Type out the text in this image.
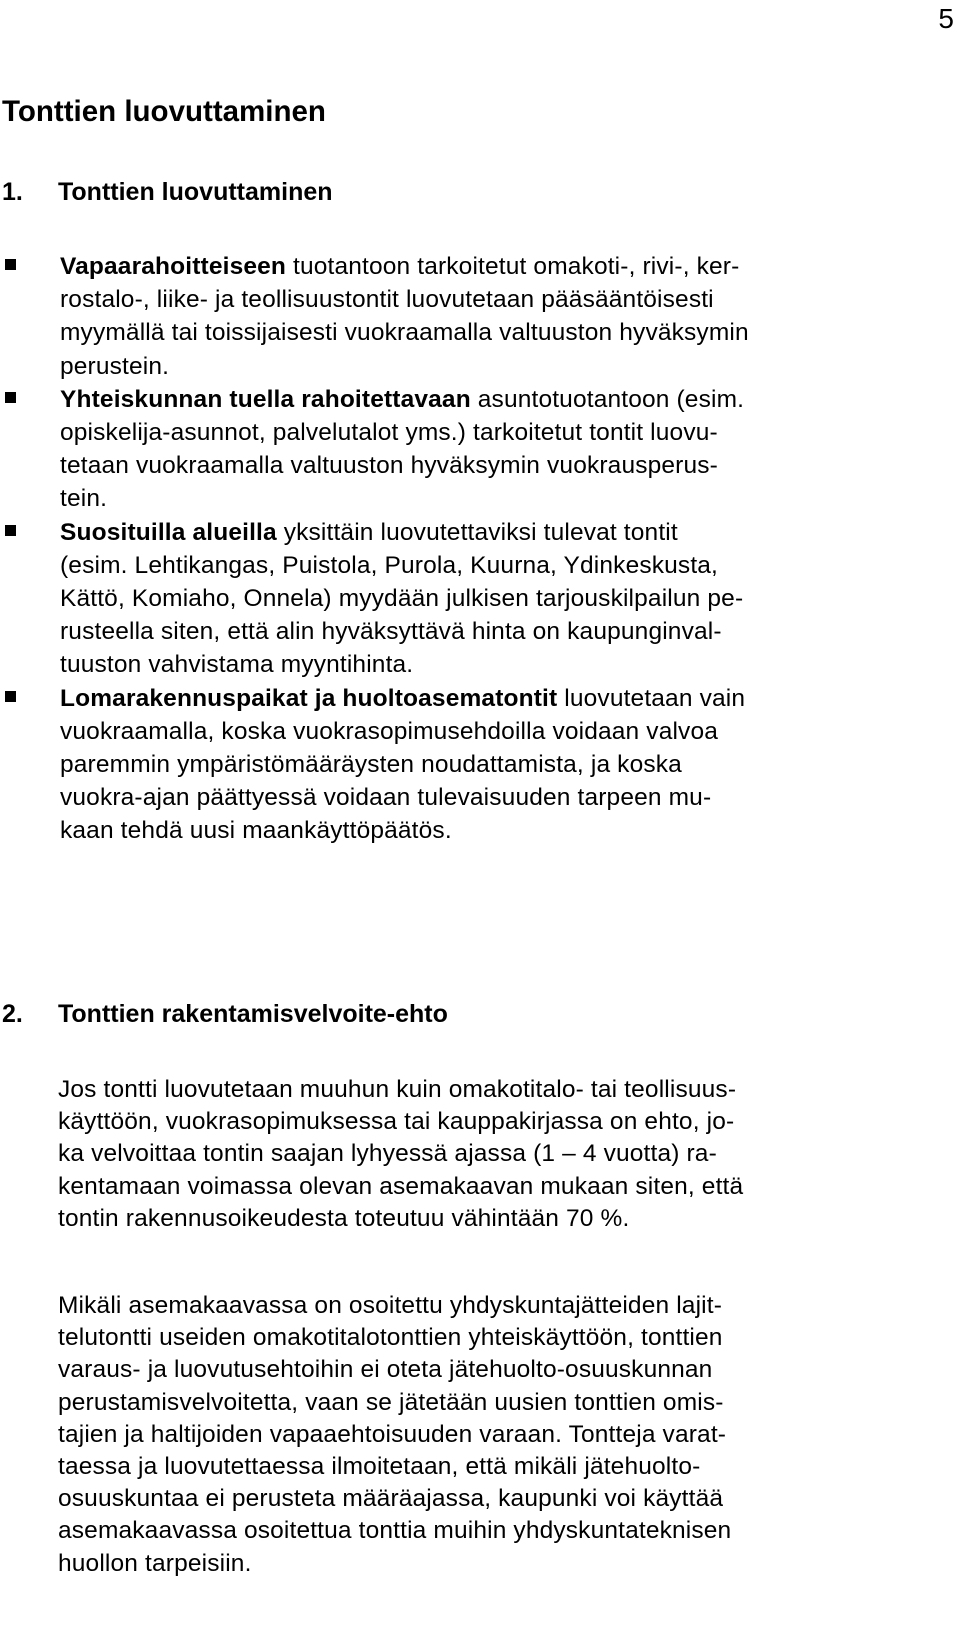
5
Tonttien luovuttaminen
1. Tonttien luovuttaminen
Vapaarahoitteiseen tuotantoon tarkoitetut omakoti-, rivi-, ker-
rostalo-, liike- ja teollisuustontit luovutetaan pääsääntöisesti
myymällä tai toissijaisesti vuokraamalla valtuuston hyväksymin
perustein.
Yhteiskunnan tuella rahoitettavaan asuntotuotantoon (esim.
opiskelija-asunnot, palvelutalot yms.) tarkoitetut tontit luovu-
tetaan vuokraamalla valtuuston hyväksymin vuokrausperus-
tein.
Suosituilla alueilla yksittäin luovutettaviksi tulevat tontit
(esim. Lehtikangas, Puistola, Purola, Kuurna, Ydinkeskusta,
Kättö, Komiaho, Onnela) myydään julkisen tarjouskilpailun pe-
rusteella siten, että alin hyväksyttävä hinta on kaupunginval-
tuuston vahvistama myyntihinta.
Lomarakennuspaikat ja huoltoasematontit luovutetaan vain
vuokraamalla, koska vuokrasopimusehdoilla voidaan valvoa
paremmin ympäristömääräysten noudattamista, ja koska
vuokra-ajan päättyessä voidaan tulevaisuuden tarpeen mu-
kaan tehdä uusi maankäyttöpäätös.
2. Tonttien rakentamisvelvoite-ehto

Jos tontti luovutetaan muuhun kuin omakotitalo- tai teollisuus-
käyttöön, vuokrasopimuksessa tai kauppakirjassa on ehto, jo-
ka velvoittaa tontin saajan lyhyessä ajassa (1 – 4 vuotta) ra-
kentamaan voimassa olevan asemakaavan mukaan siten, että
tontin rakennusoikeudesta toteutuu vähintään 70 %.

Mikäli asemakaavassa on osoitettu yhdyskuntajätteiden lajit-
telutontti useiden omakotitalotonttien yhteiskäyttöön, tonttien
varaus- ja luovutusehtoihin ei oteta jätehuolto-osuuskunnan
perustamisvelvoitetta, vaan se jätetään uusien tonttien omis-
tajien ja haltijoiden vapaaehtoisuuden varaan. Tontteja varat-
taessa ja luovutettaessa ilmoitetaan, että mikäli jätehuolto-
osuuskuntaa ei perusteta määräajassa, kaupunki voi käyttää
asemakaavassa osoitettua tonttia muihin yhdyskuntateknisen
huollon tarpeisiin.
